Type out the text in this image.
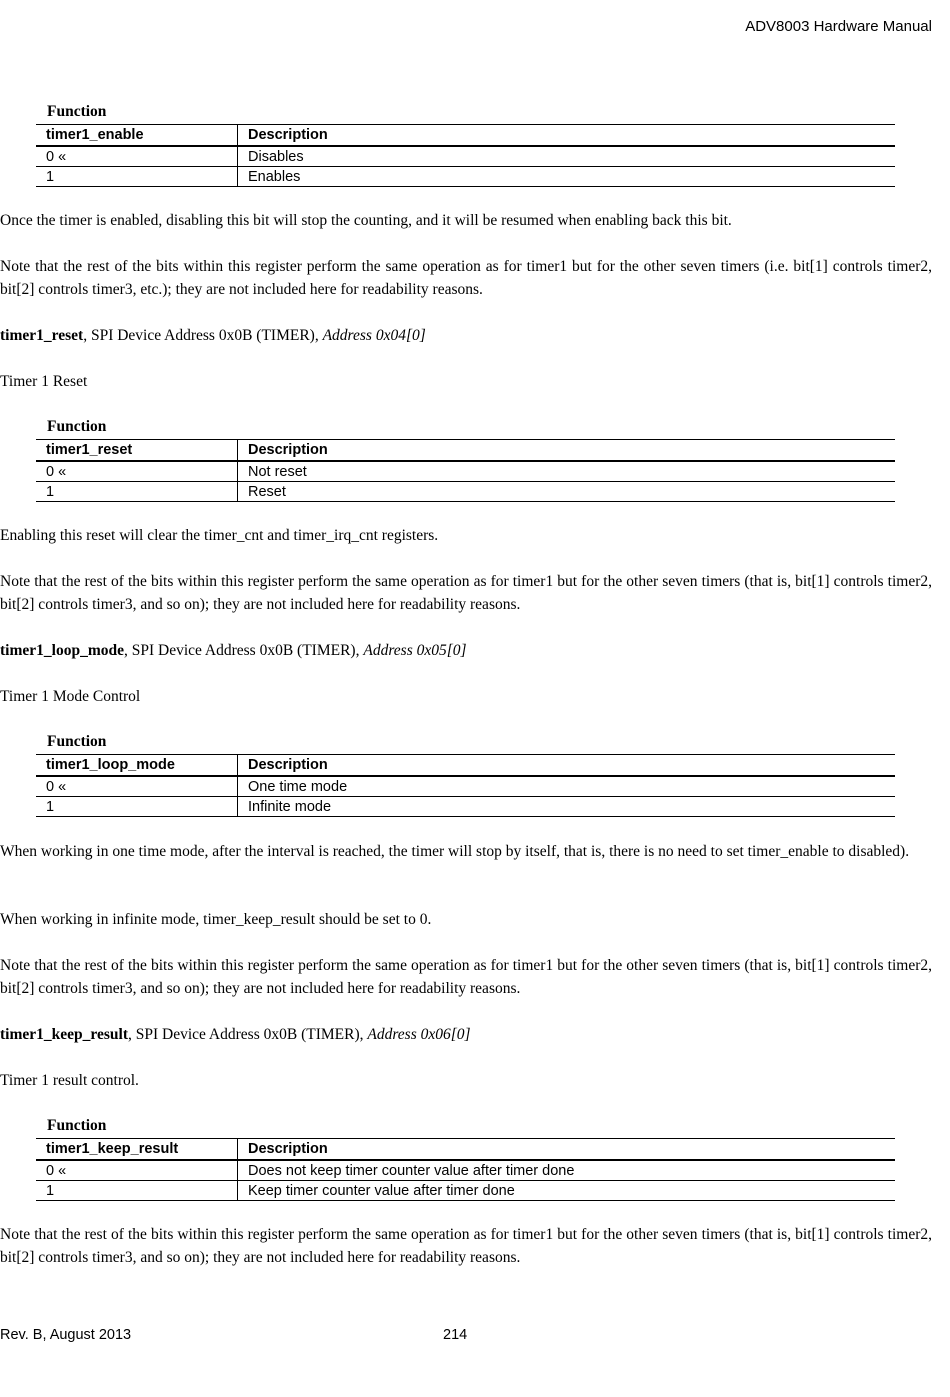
ADV8003 Hardware Manual
Function
timer1_enable	Description
0 «	Disables
1	Enables

Once the timer is enabled, disabling this bit will stop the counting, and it will be resumed when enabling back this bit.

Note that the rest of the bits within this register perform the same operation as for timer1 but for the other seven timers (i.e. bit[1] controls timer2, bit[2] controls timer3, etc.); they are not included here for readability reasons.

timer1_reset, SPI Device Address 0x0B (TIMER), Address 0x04[0]

Timer 1 Reset

Function
timer1_reset	Description
0 «	Not reset
1	Reset

Enabling this reset will clear the timer_cnt and timer_irq_cnt registers.

Note that the rest of the bits within this register perform the same operation as for timer1 but for the other seven timers (that is, bit[1] controls timer2, bit[2] controls timer3, and so on); they are not included here for readability reasons.

timer1_loop_mode, SPI Device Address 0x0B (TIMER), Address 0x05[0]

Timer 1 Mode Control

Function
timer1_loop_mode	Description
0 «	One time mode
1	Infinite mode

When working in one time mode, after the interval is reached, the timer will stop by itself, that is, there is no need to set timer_enable to disabled).

When working in infinite mode, timer_keep_result should be set to 0.

Note that the rest of the bits within this register perform the same operation as for timer1 but for the other seven timers (that is, bit[1] controls timer2, bit[2] controls timer3, and so on); they are not included here for readability reasons.

timer1_keep_result, SPI Device Address 0x0B (TIMER), Address 0x06[0]

Timer 1 result control.

Function
timer1_keep_result	Description
0 «	Does not keep timer counter value after timer done
1	Keep timer counter value after timer done

Note that the rest of the bits within this register perform the same operation as for timer1 but for the other seven timers (that is, bit[1] controls timer2, bit[2] controls timer3, and so on); they are not included here for readability reasons.

Rev. B, August 2013	214
